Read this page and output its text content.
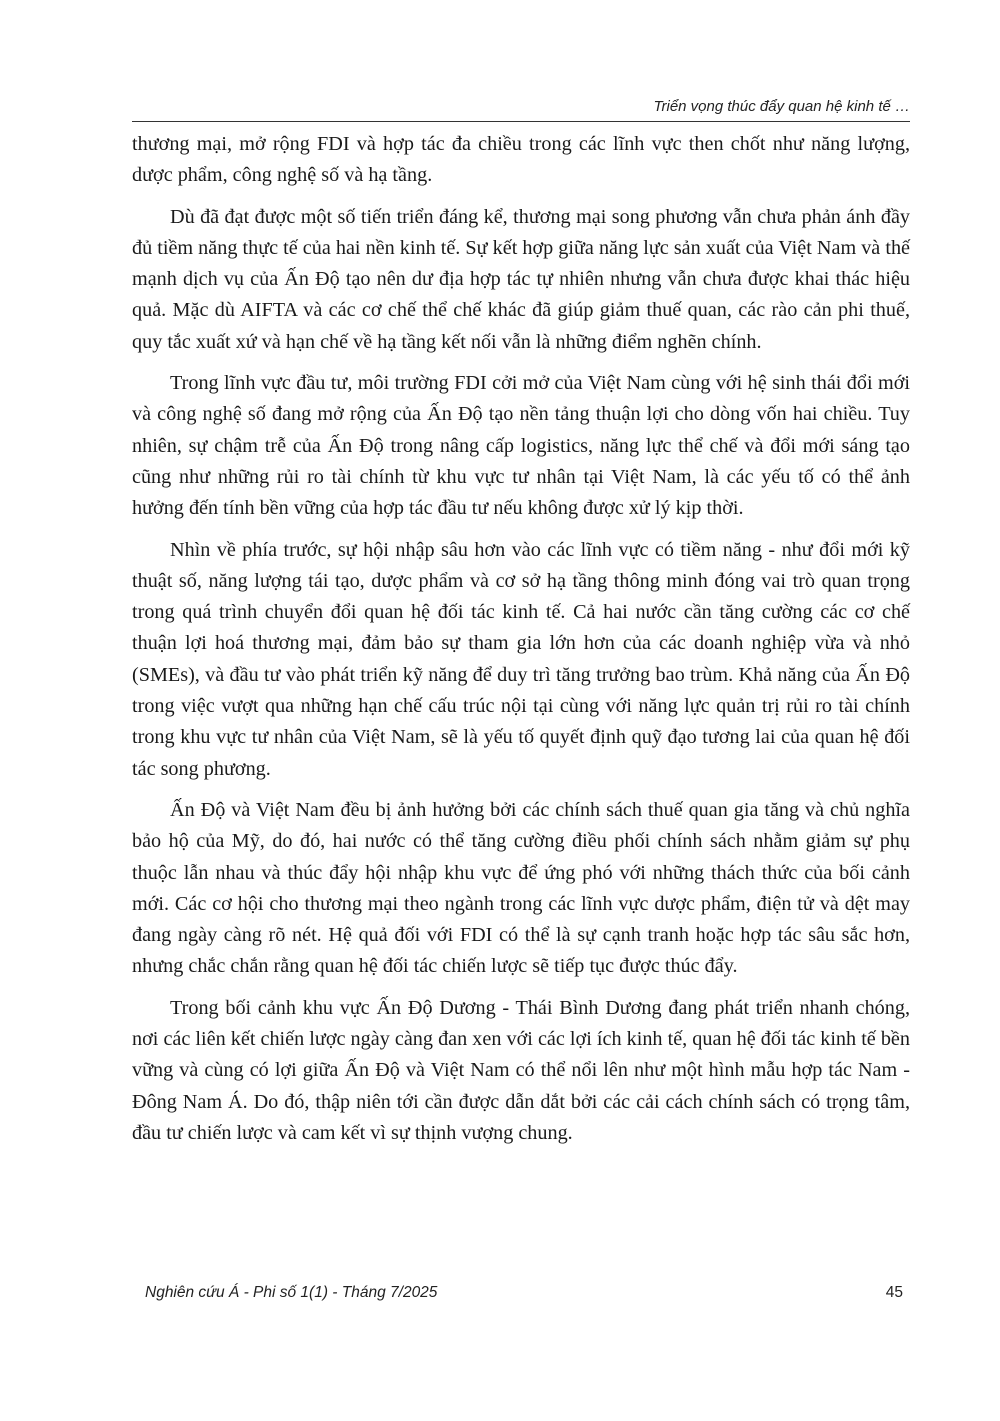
Triển vọng thúc đẩy quan hệ kinh tế …

thương mại, mở rộng FDI và hợp tác đa chiều trong các lĩnh vực then chốt như năng lượng, dược phẩm, công nghệ số và hạ tầng.

Dù đã đạt được một số tiến triển đáng kể, thương mại song phương vẫn chưa phản ánh đầy đủ tiềm năng thực tế của hai nền kinh tế. Sự kết hợp giữa năng lực sản xuất của Việt Nam và thế mạnh dịch vụ của Ấn Độ tạo nên dư địa hợp tác tự nhiên nhưng vẫn chưa được khai thác hiệu quả. Mặc dù AIFTA và các cơ chế thể chế khác đã giúp giảm thuế quan, các rào cản phi thuế, quy tắc xuất xứ và hạn chế về hạ tầng kết nối vẫn là những điểm nghẽn chính.

Trong lĩnh vực đầu tư, môi trường FDI cởi mở của Việt Nam cùng với hệ sinh thái đổi mới và công nghệ số đang mở rộng của Ấn Độ tạo nền tảng thuận lợi cho dòng vốn hai chiều. Tuy nhiên, sự chậm trễ của Ấn Độ trong nâng cấp logistics, năng lực thể chế và đổi mới sáng tạo cũng như những rủi ro tài chính từ khu vực tư nhân tại Việt Nam, là các yếu tố có thể ảnh hưởng đến tính bền vững của hợp tác đầu tư nếu không được xử lý kịp thời.

Nhìn về phía trước, sự hội nhập sâu hơn vào các lĩnh vực có tiềm năng - như đổi mới kỹ thuật số, năng lượng tái tạo, dược phẩm và cơ sở hạ tầng thông minh đóng vai trò quan trọng trong quá trình chuyển đổi quan hệ đối tác kinh tế. Cả hai nước cần tăng cường các cơ chế thuận lợi hoá thương mại, đảm bảo sự tham gia lớn hơn của các doanh nghiệp vừa và nhỏ (SMEs), và đầu tư vào phát triển kỹ năng để duy trì tăng trưởng bao trùm. Khả năng của Ấn Độ trong việc vượt qua những hạn chế cấu trúc nội tại cùng với năng lực quản trị rủi ro tài chính trong khu vực tư nhân của Việt Nam, sẽ là yếu tố quyết định quỹ đạo tương lai của quan hệ đối tác song phương.

Ấn Độ và Việt Nam đều bị ảnh hưởng bởi các chính sách thuế quan gia tăng và chủ nghĩa bảo hộ của Mỹ, do đó, hai nước có thể tăng cường điều phối chính sách nhằm giảm sự phụ thuộc lẫn nhau và thúc đẩy hội nhập khu vực để ứng phó với những thách thức của bối cảnh mới. Các cơ hội cho thương mại theo ngành trong các lĩnh vực dược phẩm, điện tử và dệt may đang ngày càng rõ nét. Hệ quả đối với FDI có thể là sự cạnh tranh hoặc hợp tác sâu sắc hơn, nhưng chắc chắn rằng quan hệ đối tác chiến lược sẽ tiếp tục được thúc đẩy.

Trong bối cảnh khu vực Ấn Độ Dương - Thái Bình Dương đang phát triển nhanh chóng, nơi các liên kết chiến lược ngày càng đan xen với các lợi ích kinh tế, quan hệ đối tác kinh tế bền vững và cùng có lợi giữa Ấn Độ và Việt Nam có thể nổi lên như một hình mẫu hợp tác Nam - Đông Nam Á. Do đó, thập niên tới cần được dẫn dắt bởi các cải cách chính sách có trọng tâm, đầu tư chiến lược và cam kết vì sự thịnh vượng chung.

Nghiên cứu Á - Phi số 1(1) - Tháng 7/2025	45
